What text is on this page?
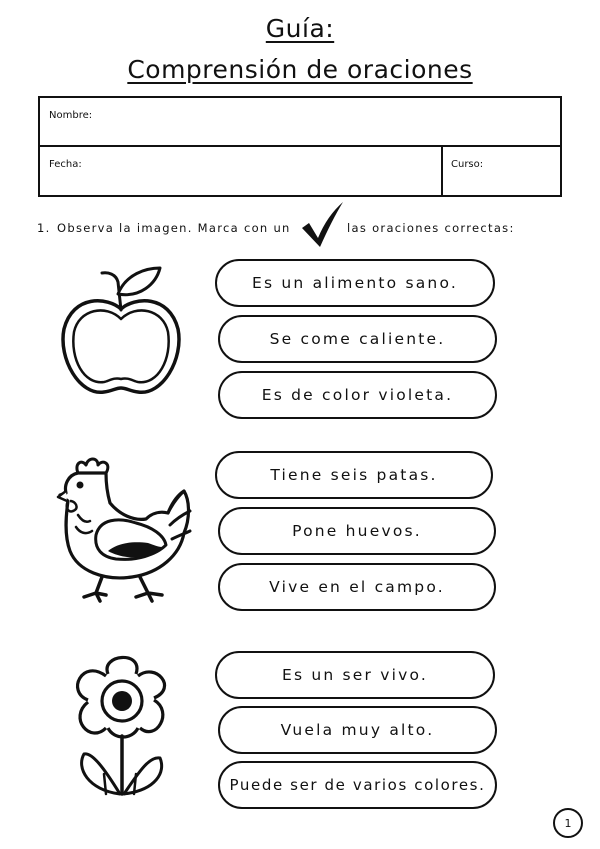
Guía:
Comprensión de oraciones
Nombre:
Fecha:	Curso:
1. Observa la imagen. Marca con un	las oraciones correctas:
Es un alimento sano.
Se come caliente.
Es de color violeta.
Tiene seis patas.
Pone huevos.
Vive en el campo.
Es un ser vivo.
Vuela muy alto.
Puede ser de varios colores.
1
